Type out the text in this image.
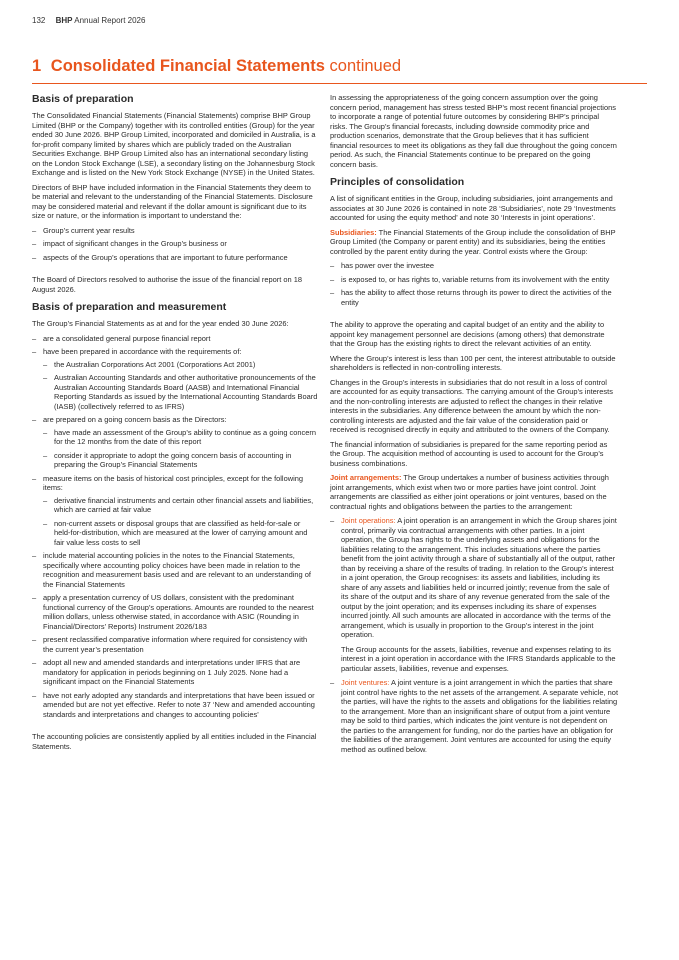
132 BHP Annual Report 2026
1 Consolidated Financial Statements continued
Basis of preparation

The Consolidated Financial Statements (Financial Statements) comprise BHP Group Limited (BHP or the Company) together with its controlled entities (Group) for the year ended 30 June 2026. BHP Group Limited, incorporated and domiciled in Australia, is a for-profit company limited by shares which are publicly traded on the Australian Securities Exchange. BHP Group Limited also has an international secondary listing on the London Stock Exchange (LSE), a secondary listing on the Johannesburg Stock Exchange and is listed on the New York Stock Exchange (NYSE) in the United States.

Directors of BHP have included information in the Financial Statements they deem to be material and relevant to the understanding of the Financial Statements. Disclosure may be considered material and relevant if the dollar amount is significant due to its size or nature, or the information is important to understand the:

– Group’s current year results
– impact of significant changes in the Group’s business or
– aspects of the Group’s operations that are important to future performance

The Board of Directors resolved to authorise the issue of the financial report on 18 August 2026.

Basis of preparation and measurement

The Group’s Financial Statements as at and for the year ended 30 June 2026:

– are a consolidated general purpose financial report
– have been prepared in accordance with the requirements of:
– the Australian Corporations Act 2001 (Corporations Act 2001)
– Australian Accounting Standards and other authoritative pronouncements of the Australian Accounting Standards Board (AASB) and International Financial Reporting Standards as issued by the International Accounting Standards Board (IASB) (collectively referred to as IFRS)
– are prepared on a going concern basis as the Directors:
– have made an assessment of the Group’s ability to continue as a going concern for the 12 months from the date of this report
– consider it appropriate to adopt the going concern basis of accounting in preparing the Group’s Financial Statements
– measure items on the basis of historical cost principles, except for the following items:
– derivative financial instruments and certain other financial assets and liabilities, which are carried at fair value
– non-current assets or disposal groups that are classified as held-for-sale or held-for-distribution, which are measured at the lower of carrying amount and fair value less costs to sell
– include material accounting policies in the notes to the Financial Statements, specifically where accounting policy choices have been made in relation to the recognition and measurement basis used and are relevant to an understanding of the Financial Statements
– apply a presentation currency of US dollars, consistent with the predominant functional currency of the Group’s operations. Amounts are rounded to the nearest million dollars, unless otherwise stated, in accordance with ASIC (Rounding in Financial/Directors’ Reports) Instrument 2026/183
– present reclassified comparative information where required for consistency with the current year’s presentation
– adopt all new and amended standards and interpretations under IFRS that are mandatory for application in periods beginning on 1 July 2025. None had a significant impact on the Financial Statements
– have not early adopted any standards and interpretations that have been issued or amended but are not yet effective. Refer to note 37 ‘New and amended accounting standards and interpretations and changes to accounting policies’

The accounting policies are consistently applied by all entities included in the Financial Statements.

In assessing the appropriateness of the going concern assumption over the going concern period, management has stress tested BHP’s most recent financial projections to incorporate a range of potential future outcomes by considering BHP’s principal risks. The Group’s financial forecasts, including downside commodity price and production scenarios, demonstrate that the Group believes that it has sufficient financial resources to meet its obligations as they fall due throughout the going concern period. As such, the Financial Statements continue to be prepared on the going concern basis.

Principles of consolidation

A list of significant entities in the Group, including subsidiaries, joint arrangements and associates at 30 June 2026 is contained in note 28 ‘Subsidiaries’, note 29 ‘Investments accounted for using the equity method’ and note 30 ‘Interests in joint operations’.

Subsidiaries: The Financial Statements of the Group include the consolidation of BHP Group Limited (the Company or parent entity) and its subsidiaries, being the entities controlled by the parent entity during the year. Control exists where the Group:

– has power over the investee
– is exposed to, or has rights to, variable returns from its involvement with the entity
– has the ability to affect those returns through its power to direct the activities of the entity

The ability to approve the operating and capital budget of an entity and the ability to appoint key management personnel are decisions (among others) that demonstrate that the Group has the existing rights to direct the relevant activities of an entity.

Where the Group’s interest is less than 100 per cent, the interest attributable to outside shareholders is reflected in non-controlling interests.

Changes in the Group’s interests in subsidiaries that do not result in a loss of control are accounted for as equity transactions. The carrying amount of the Group’s interests and the non-controlling interests are adjusted to reflect the changes in their relative interests in the subsidiaries. Any difference between the amount by which the non-controlling interests are adjusted and the fair value of the consideration paid or received is recognised directly in equity and attributed to the owners of the Company.

The financial information of subsidiaries is prepared for the same reporting period as the Group. The acquisition method of accounting is used to account for the Group’s business combinations.

Joint arrangements: The Group undertakes a number of business activities through joint arrangements, which exist when two or more parties have joint control. Joint arrangements are classified as either joint operations or joint ventures, based on the contractual rights and obligations between the parties to the arrangement:

– Joint operations: A joint operation is an arrangement in which the Group shares joint control, primarily via contractual arrangements with other parties. In a joint operation, the Group has rights to the underlying assets and obligations for the liabilities relating to the arrangement. This includes situations where the parties benefit from the joint activity through a share of substantially all of the output, rather than by receiving a share of the results of trading. In relation to the Group’s interest in a joint operation, the Group recognises: its assets and liabilities, including its share of any assets and liabilities held or incurred jointly; revenue from the sale of its share of the output and its share of any revenue generated from the sale of the output by the joint operation; and its expenses including its share of expenses incurred jointly. All such amounts are allocated in accordance with the terms of the arrangement, which is usually in proportion to the Group’s interest in the joint operation.

The Group accounts for the assets, liabilities, revenue and expenses relating to its interest in a joint operation in accordance with the IFRS Standards applicable to the particular assets, liabilities, revenue and expenses.

– Joint ventures: A joint venture is a joint arrangement in which the parties that share joint control have rights to the net assets of the arrangement. A separate vehicle, not the parties, will have the rights to the assets and obligations for the liabilities relating to the arrangement. More than an insignificant share of output from a joint venture may be sold to third parties, which indicates the joint venture is not dependent on the parties to the arrangement for funding, nor do the parties have an obligation for the liabilities of the arrangement. Joint ventures are accounted for using the equity method as outlined below.
